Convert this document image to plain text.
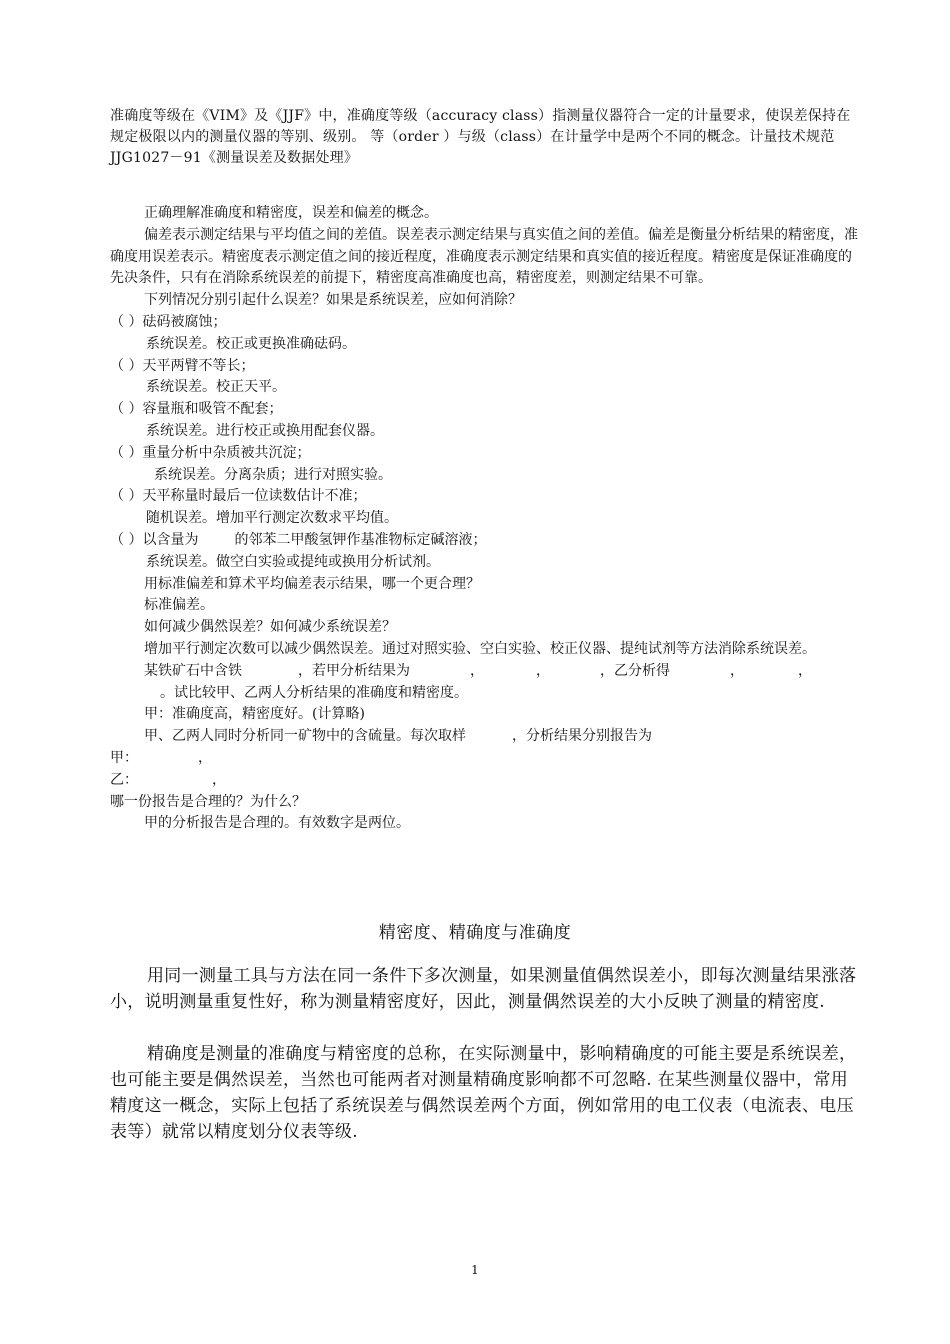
准确度等级在《VIM》及《JJF》中，准确度等级（accuracy class）指测量仪器符合一定的计量要求，使误差保持在规定极限以内的测量仪器的等别、级别。 等（order ）与级（class）在计量学中是两个不同的概念。计量技术规范 JJG1027－91《测量误差及数据处理》

正确理解准确度和精密度，误差和偏差的概念。

偏差表示测定结果与平均值之间的差值。误差表示测定结果与真实值之间的差值。偏差是衡量分析结果的精密度，准确度用误差表示。精密度表示测定值之间的接近程度，准确度表示测定结果和真实值的接近程度。精密度是保证准确度的先决条件，只有在消除系统误差的前提下，精密度高准确度也高，精密度差，则测定结果不可靠。

下列情况分别引起什么误差？如果是系统误差，应如何消除？

（ ）砝码被腐蚀；

系统误差。校正或更换准确砝码。

（ ）天平两臂不等长；

系统误差。校正天平。

（ ）容量瓶和吸管不配套；

系统误差。进行校正或换用配套仪器。

（ ）重量分析中杂质被共沉淀；

系统误差。分离杂质；进行对照实验。

（ ）天平称量时最后一位读数估计不准；

随机误差。增加平行测定次数求平均值。

（ ）以含量为	的邻苯二甲酸氢钾作基准物标定碱溶液；

系统误差。做空白实验或提纯或换用分析试剂。

用标准偏差和算术平均偏差表示结果，哪一个更合理？

标准偏差。

如何减少偶然误差？如何减少系统误差？

增加平行测定次数可以减少偶然误差。通过对照实验、空白实验、校正仪器、提纯试剂等方法消除系统误差。

某铁矿石中含铁	，若甲分析结果为	，	，	，乙分析得	，	，

。试比较甲、乙两人分析结果的准确度和精密度。

甲：准确度高，精密度好。(计算略)

甲、乙两人同时分析同一矿物中的含硫量。每次取样	，分析结果分别报告为

甲：	，

乙：	，

哪一份报告是合理的？为什么？

甲的分析报告是合理的。有效数字是两位。

精密度、精确度与准确度

用同一测量工具与方法在同一条件下多次测量，如果测量值偶然误差小，即每次测量结果涨落小，说明测量重复性好，称为测量精密度好，因此，测量偶然误差的大小反映了测量的精密度.

精确度是测量的准确度与精密度的总称，在实际测量中，影响精确度的可能主要是系统误差，也可能主要是偶然误差，当然也可能两者对测量精确度影响都不可忽略. 在某些测量仪器中，常用精度这一概念，实际上包括了系统误差与偶然误差两个方面，例如常用的电工仪表（电流表、电压表等）就常以精度划分仪表等级.

1
